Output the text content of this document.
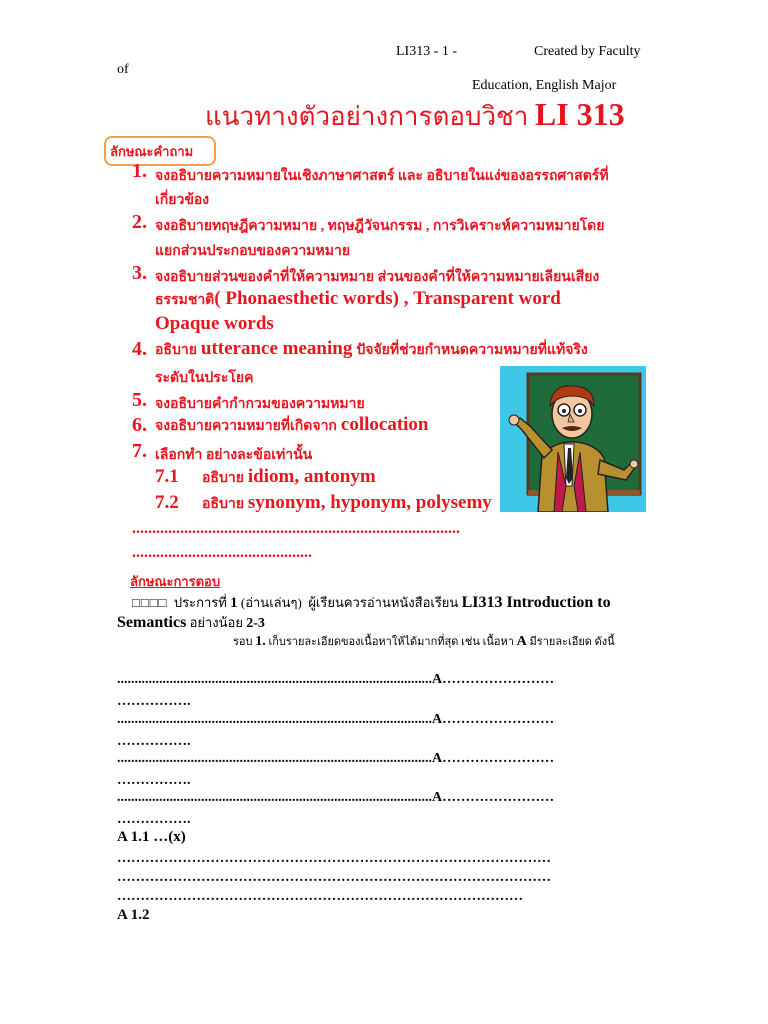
LI313 - 1 -	Created by Faculty
of
Education, English Major
แนวทางตัวอย่างการตอบวิชา LI 313
ลักษณะคำถาม
1. จงอธิบายความหมายในเชิงภาษาศาสตร์ และ อธิบายในแง่ของอรรถศาสตร์ที่
เกี่ยวข้อง
2. จงอธิบายทฤษฎีความหมาย , ทฤษฎีวัจนกรรม , การวิเคราะห์ความหมายโดย
แยกส่วนประกอบของความหมาย
3. จงอธิบายส่วนของคำที่ให้ความหมาย ส่วนของคำที่ให้ความหมายเลียนเสียง
ธรรมชาติ( Phonaesthetic words) , Transparent word
Opaque words
4. อธิบาย utterance meaning ปัจจัยที่ช่วยกำหนดความหมายที่แท้จริง
ระดับในประโยค
5. จงอธิบายคำกำกวมของความหมาย
6. จงอธิบายความหมายที่เกิดจาก collocation
7. เลือกทำ อย่างละข้อเท่านั้น
7.1 อธิบาย idiom, antonym
7.2 อธิบาย synonym, hyponym, polysemy
..................................................................................
.............................................
ลักษณะการตอบ
□□□□ ประการที่ 1 (อ่านเล่นๆ) ผู้เรียนควรอ่านหนังสือเรียน LI313 Introduction to
Semantics อย่างน้อย 2-3
รอบ 1. เก็บรายละเอียดของเนื้อหาให้ได้มากที่สุด เช่น เนื้อหา A มีรายละเอียด ดังนี้
..........................................................................................A……………………
…………….
..........................................................................................A……………………
…………….
..........................................................................................A……………………
…………….
..........................................................................................A……………………
…………….
A 1.1 …(x)
…………………………………………………………………………………
…………………………………………………………………………………
……………………………………………………………………………
A 1.2
